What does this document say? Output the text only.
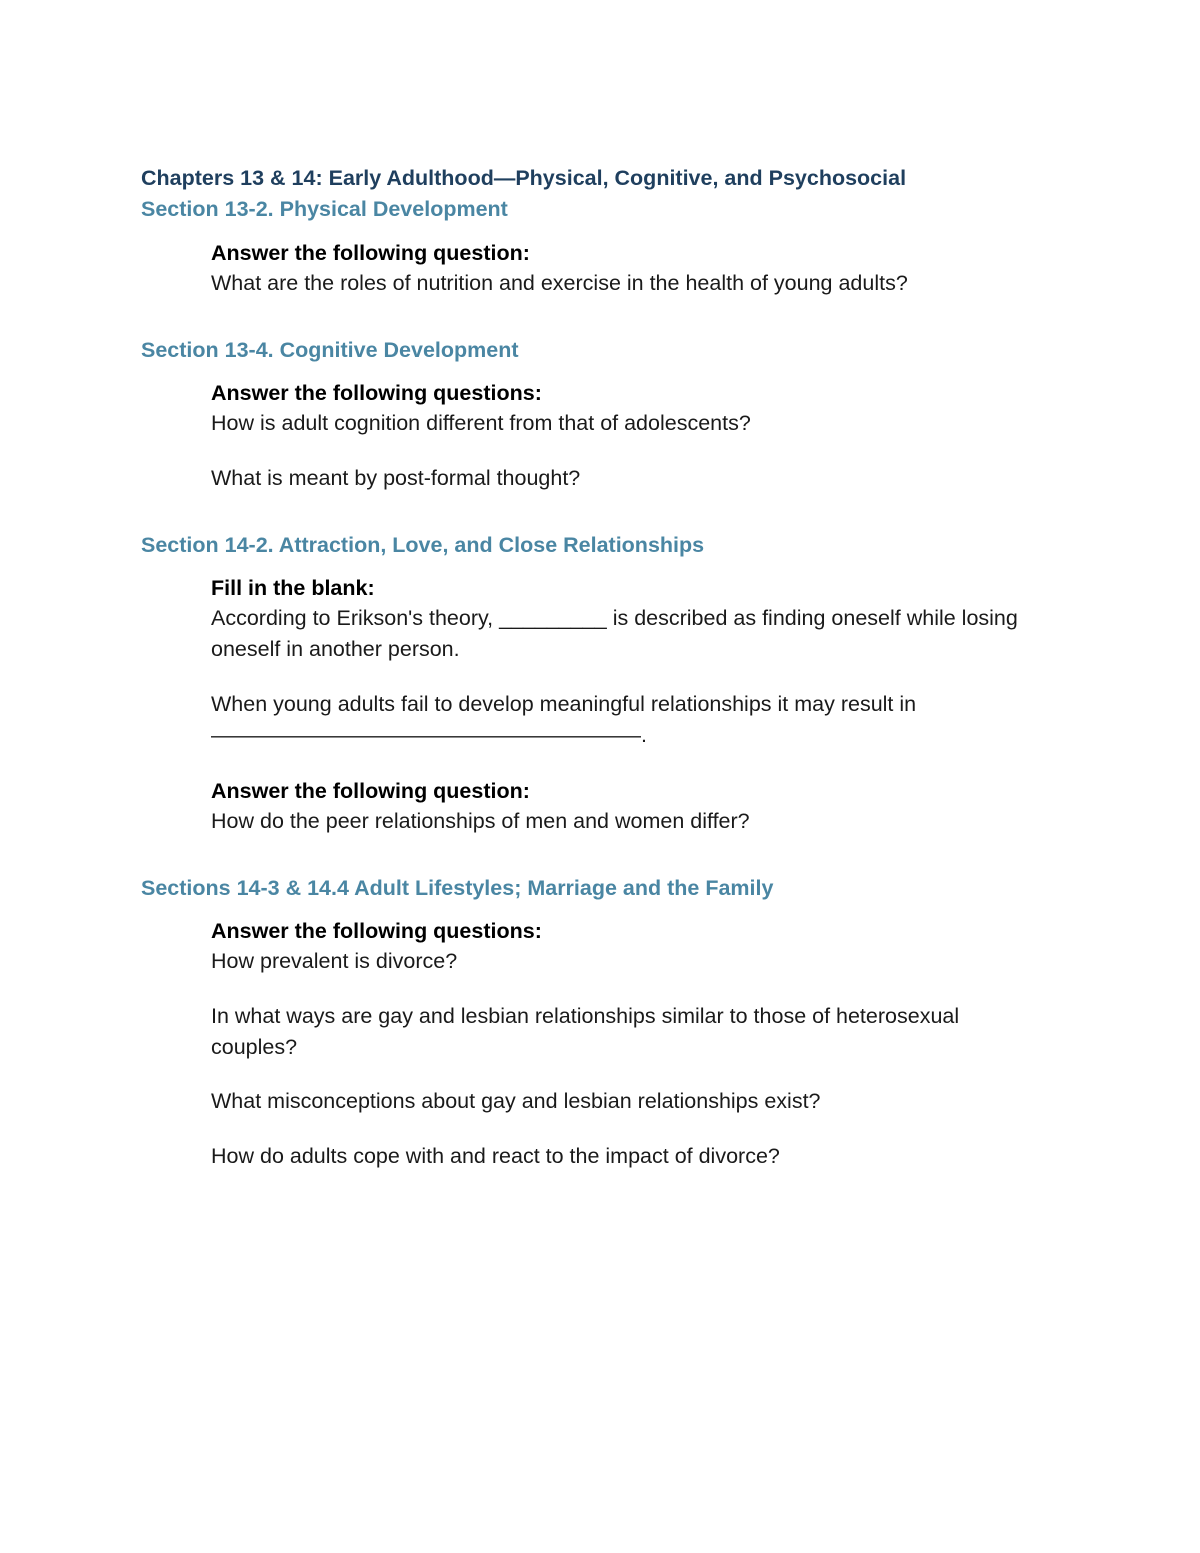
Chapters 13 & 14: Early Adulthood—Physical, Cognitive, and Psychosocial
Section 13-2. Physical Development
Answer the following question:
What are the roles of nutrition and exercise in the health of young adults?
Section 13-4. Cognitive Development
Answer the following questions:
How is adult cognition different from that of adolescents?
What is meant by post-formal thought?
Section 14-2. Attraction, Love, and Close Relationships
Fill in the blank:
According to Erikson's theory, _________ is described as finding oneself while losing oneself in another person.
When young adults fail to develop meaningful relationships it may result in ————————————————————.
Answer the following question:
How do the peer relationships of men and women differ?
Sections 14-3 & 14.4 Adult Lifestyles; Marriage and the Family
Answer the following questions:
How prevalent is divorce?
In what ways are gay and lesbian relationships similar to those of heterosexual couples?
What misconceptions about gay and lesbian relationships exist?
How do adults cope with and react to the impact of divorce?
